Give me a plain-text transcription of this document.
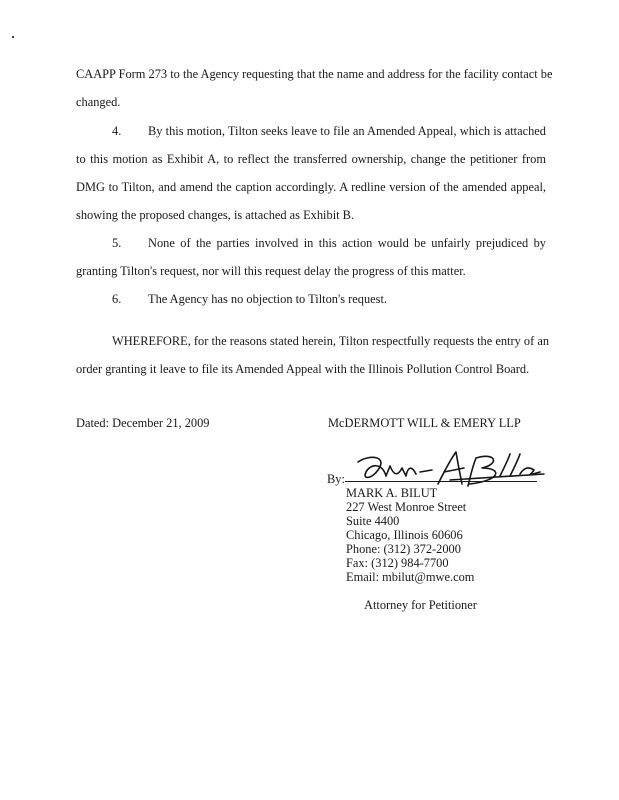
CAAPP Form 273 to the Agency requesting that the name and address for the facility contact be
changed.
4. By this motion, Tilton seeks leave to file an Amended Appeal, which is attached
to this motion as Exhibit A, to reflect the transferred ownership, change the petitioner from
DMG to Tilton, and amend the caption accordingly. A redline version of the amended appeal,
showing the proposed changes, is attached as Exhibit B.
5. None of the parties involved in this action would be unfairly prejudiced by
granting Tilton's request, nor will this request delay the progress of this matter.
6. The Agency has no objection to Tilton's request.
WHEREFORE, for the reasons stated herein, Tilton respectfully requests the entry of an
order granting it leave to file its Amended Appeal with the Illinois Pollution Control Board.
Dated: December 21, 2009	McDERMOTT WILL & EMERY LLP
By:
MARK A. BILUT
227 West Monroe Street
Suite 4400
Chicago, Illinois 60606
Phone: (312) 372-2000
Fax: (312) 984-7700
Email: mbilut@mwe.com
Attorney for Petitioner
